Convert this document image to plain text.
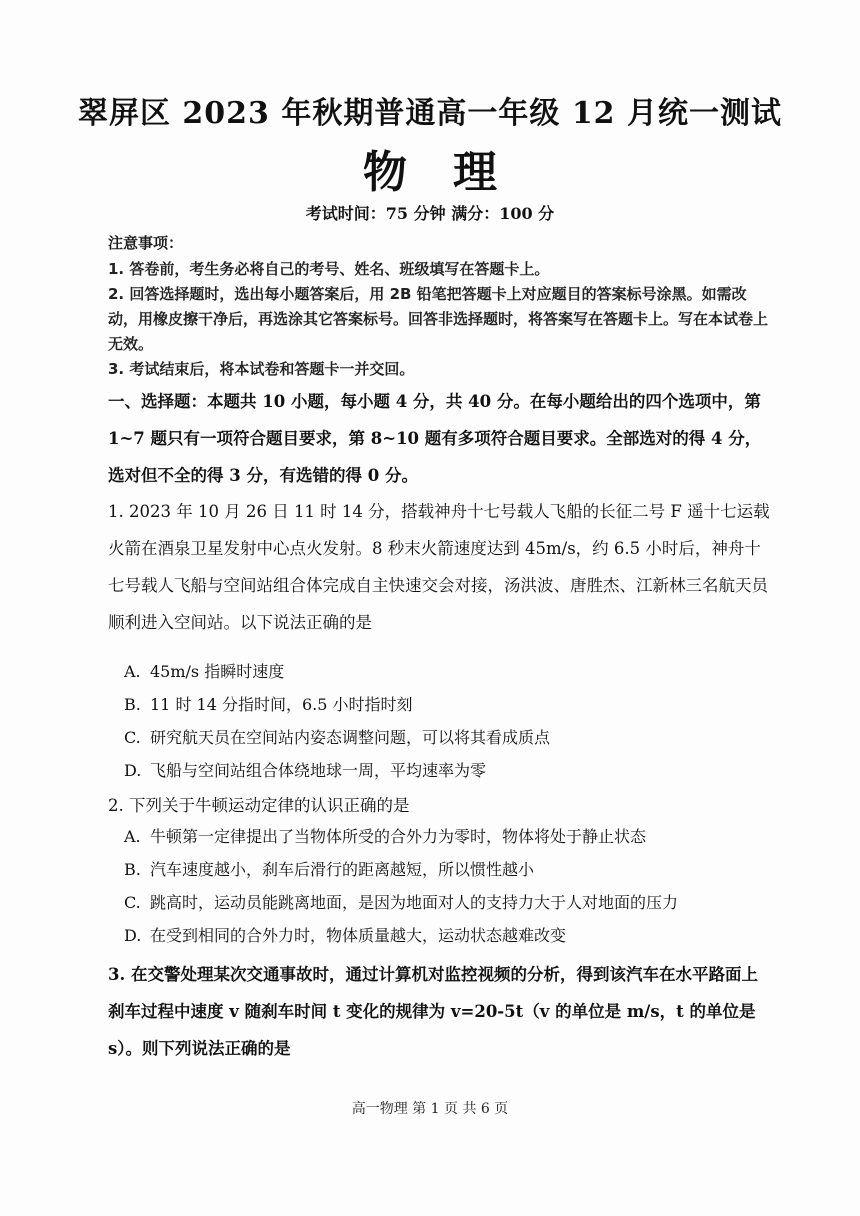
翠屏区 2023 年秋期普通高一年级 12 月统一测试
物理
考试时间：75 分钟 满分：100 分
注意事项：
1. 答卷前，考生务必将自己的考号、姓名、班级填写在答题卡上。
2. 回答选择题时，选出每小题答案后，用 2B 铅笔把答题卡上对应题目的答案标号涂黑。如需改动，用橡皮擦干净后，再选涂其它答案标号。回答非选择题时，将答案写在答题卡上。写在本试卷上无效。
3. 考试结束后，将本试卷和答题卡一并交回。
一、选择题：本题共 10 小题，每小题 4 分，共 40 分。在每小题给出的四个选项中，第 1~7 题只有一项符合题目要求，第 8~10 题有多项符合题目要求。全部选对的得 4 分，选对但不全的得 3 分，有选错的得 0 分。
1. 2023 年 10 月 26 日 11 时 14 分，搭载神舟十七号载人飞船的长征二号 F 遥十七运载火箭在酒泉卫星发射中心点火发射。8 秒末火箭速度达到 45m/s，约 6.5 小时后，神舟十七号载人飞船与空间站组合体完成自主快速交会对接，汤洪波、唐胜杰、江新林三名航天员顺利进入空间站。以下说法正确的是
A. 45m/s 指瞬时速度
B. 11 时 14 分指时间，6.5 小时指时刻
C. 研究航天员在空间站内姿态调整问题，可以将其看成质点
D. 飞船与空间站组合体绕地球一周，平均速率为零
2. 下列关于牛顿运动定律的认识正确的是
A. 牛顿第一定律提出了当物体所受的合外力为零时，物体将处于静止状态
B. 汽车速度越小，刹车后滑行的距离越短，所以惯性越小
C. 跳高时，运动员能跳离地面，是因为地面对人的支持力大于人对地面的压力
D. 在受到相同的合外力时，物体质量越大，运动状态越难改变
3. 在交警处理某次交通事故时，通过计算机对监控视频的分析，得到该汽车在水平路面上刹车过程中速度 v 随刹车时间 t 变化的规律为 v=20-5t（v 的单位是 m/s，t 的单位是 s）。则下列说法正确的是
高一物理 第 1 页 共 6 页
